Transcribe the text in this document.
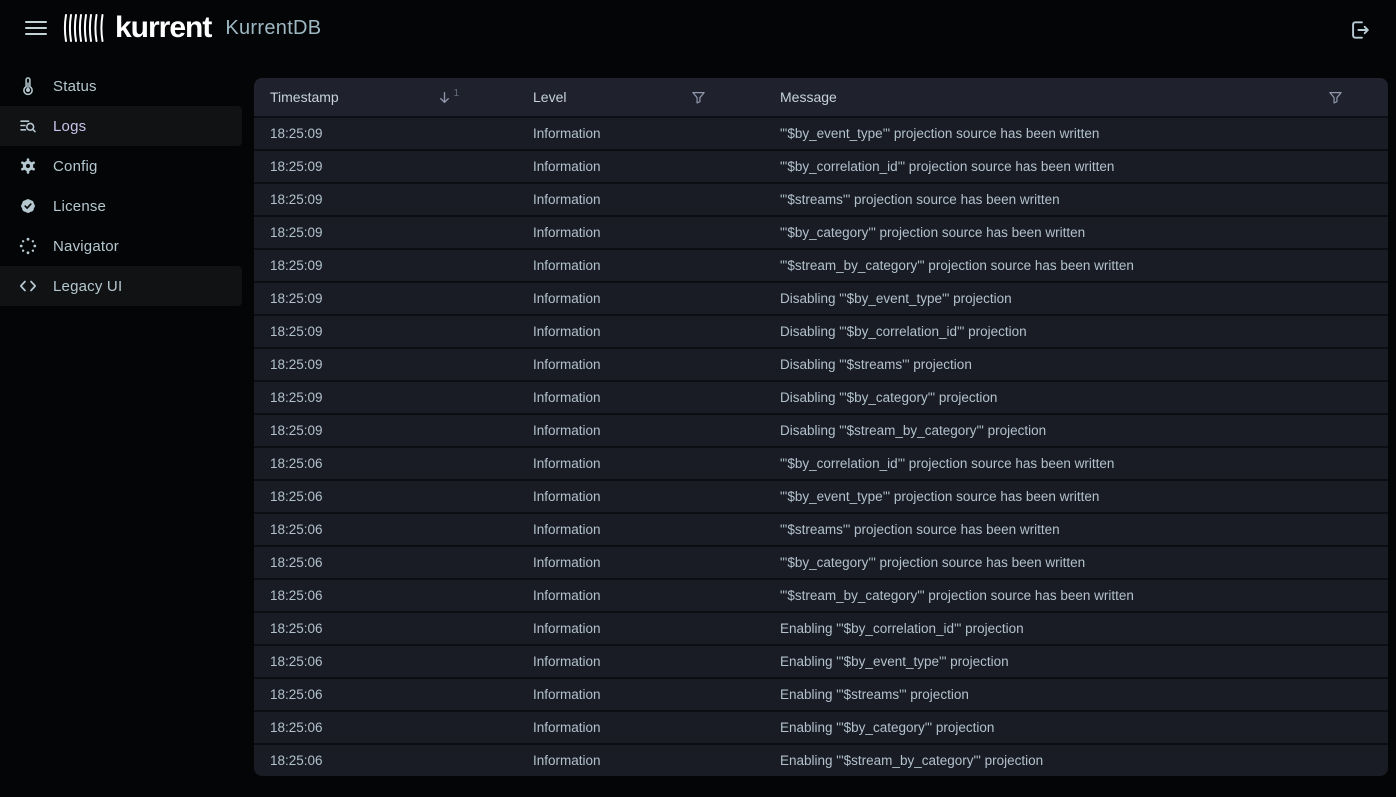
kurrent KurrentDB
Status
Logs
Config
License
Navigator
Legacy UI
Timestamp	1	Level	Message
18:25:09	Information	"'$by_event_type'" projection source has been written
18:25:09	Information	"'$by_correlation_id'" projection source has been written
18:25:09	Information	"'$streams'" projection source has been written
18:25:09	Information	"'$by_category'" projection source has been written
18:25:09	Information	"'$stream_by_category'" projection source has been written
18:25:09	Information	Disabling "'$by_event_type'" projection
18:25:09	Information	Disabling "'$by_correlation_id'" projection
18:25:09	Information	Disabling "'$streams'" projection
18:25:09	Information	Disabling "'$by_category'" projection
18:25:09	Information	Disabling "'$stream_by_category'" projection
18:25:06	Information	"'$by_correlation_id'" projection source has been written
18:25:06	Information	"'$by_event_type'" projection source has been written
18:25:06	Information	"'$streams'" projection source has been written
18:25:06	Information	"'$by_category'" projection source has been written
18:25:06	Information	"'$stream_by_category'" projection source has been written
18:25:06	Information	Enabling "'$by_correlation_id'" projection
18:25:06	Information	Enabling "'$by_event_type'" projection
18:25:06	Information	Enabling "'$streams'" projection
18:25:06	Information	Enabling "'$by_category'" projection
18:25:06	Information	Enabling "'$stream_by_category'" projection
